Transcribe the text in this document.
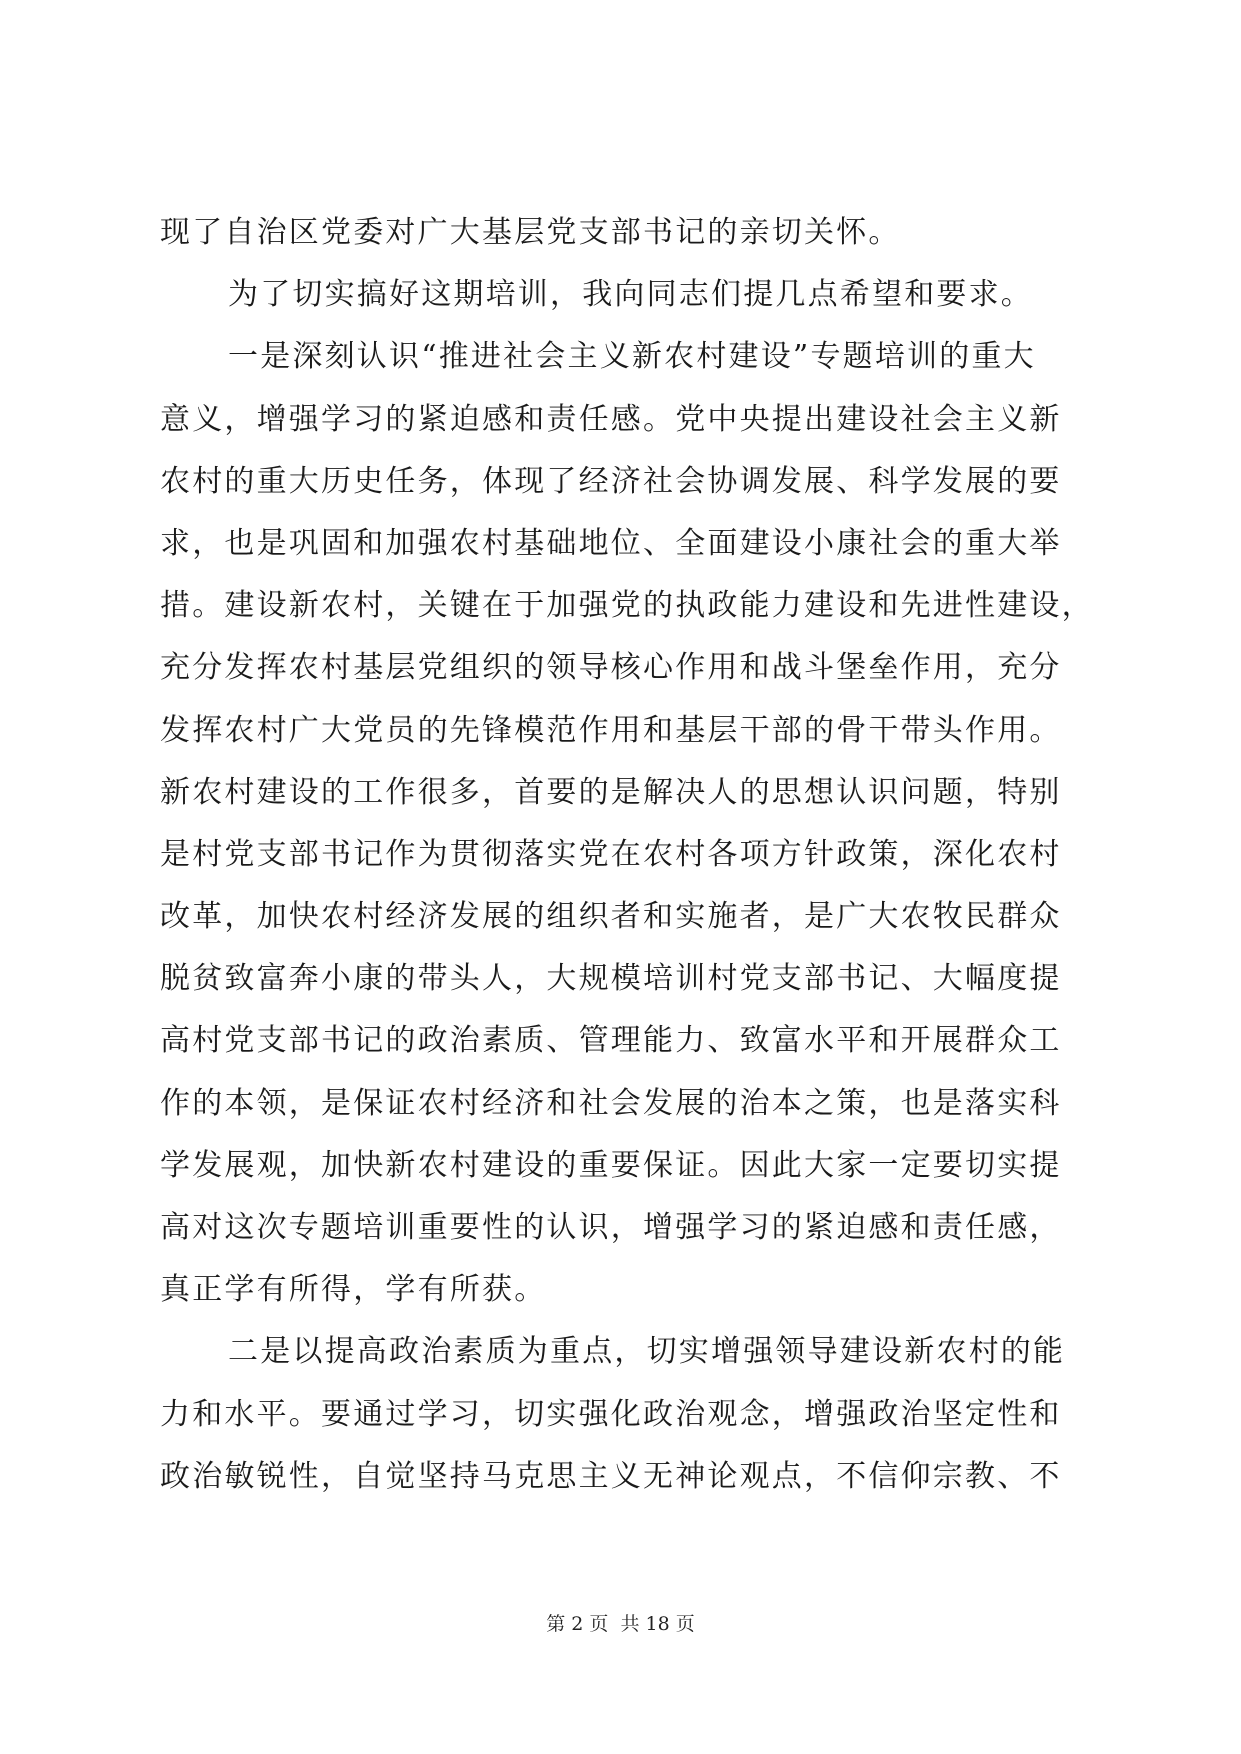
现了自治区党委对广大基层党支部书记的亲切关怀。
为了切实搞好这期培训，我向同志们提几点希望和要求。
一是深刻认识“推进社会主义新农村建设”专题培训的重大
意义，增强学习的紧迫感和责任感。党中央提出建设社会主义新
农村的重大历史任务，体现了经济社会协调发展、科学发展的要
求，也是巩固和加强农村基础地位、全面建设小康社会的重大举
措。建设新农村，关键在于加强党的执政能力建设和先进性建设，
充分发挥农村基层党组织的领导核心作用和战斗堡垒作用，充分
发挥农村广大党员的先锋模范作用和基层干部的骨干带头作用。
新农村建设的工作很多，首要的是解决人的思想认识问题，特别
是村党支部书记作为贯彻落实党在农村各项方针政策，深化农村
改革，加快农村经济发展的组织者和实施者，是广大农牧民群众
脱贫致富奔小康的带头人，大规模培训村党支部书记、大幅度提
高村党支部书记的政治素质、管理能力、致富水平和开展群众工
作的本领，是保证农村经济和社会发展的治本之策，也是落实科
学发展观，加快新农村建设的重要保证。因此大家一定要切实提
高对这次专题培训重要性的认识，增强学习的紧迫感和责任感，
真正学有所得，学有所获。
二是以提高政治素质为重点，切实增强领导建设新农村的能
力和水平。要通过学习，切实强化政治观念，增强政治坚定性和
政治敏锐性，自觉坚持马克思主义无神论观点，不信仰宗教、不
第 2 页 共 18 页
